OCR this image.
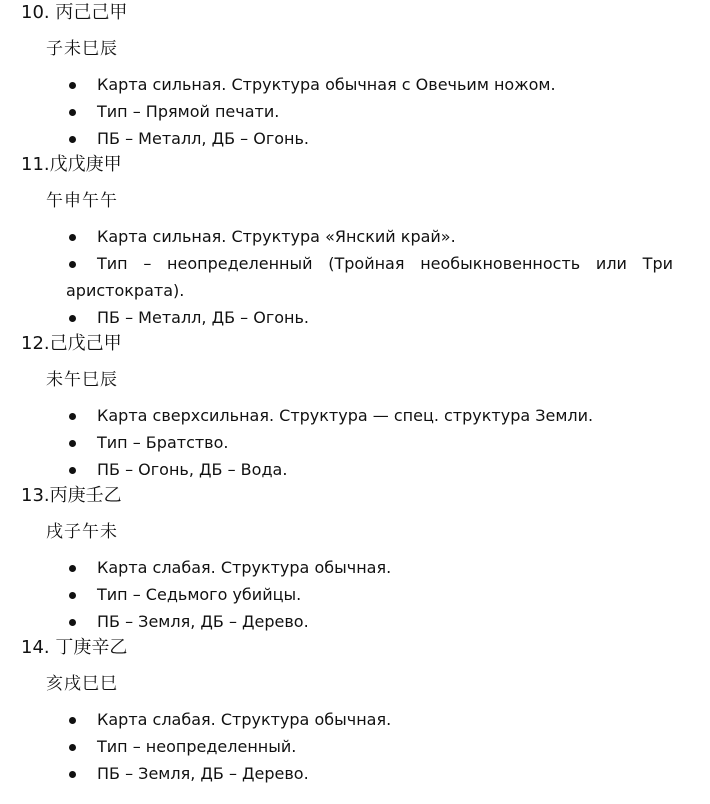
10. 丙己己甲
子未巳辰
Карта сильная. Структура обычная с Овечьим ножом.
Тип – Прямой печати.
ПБ – Металл, ДБ – Огонь.
11.戊戊庚甲
午申午午
Карта сильная. Структура «Янский край».
Тип – неопределенный (Тройная необыкновенность или Три аристократа).
ПБ – Металл, ДБ – Огонь.
12.己戊己甲
未午巳辰
Карта сверхсильная. Структура — спец. структура Земли.
Тип – Братство.
ПБ – Огонь, ДБ – Вода.
13.丙庚壬乙
戌子午未
Карта слабая. Структура обычная.
Тип – Седьмого убийцы.
ПБ – Земля, ДБ – Дерево.
14. 丁庚辛乙
亥戌巳巳
Карта слабая. Структура обычная.
Тип – неопределенный.
ПБ – Земля, ДБ – Дерево.
